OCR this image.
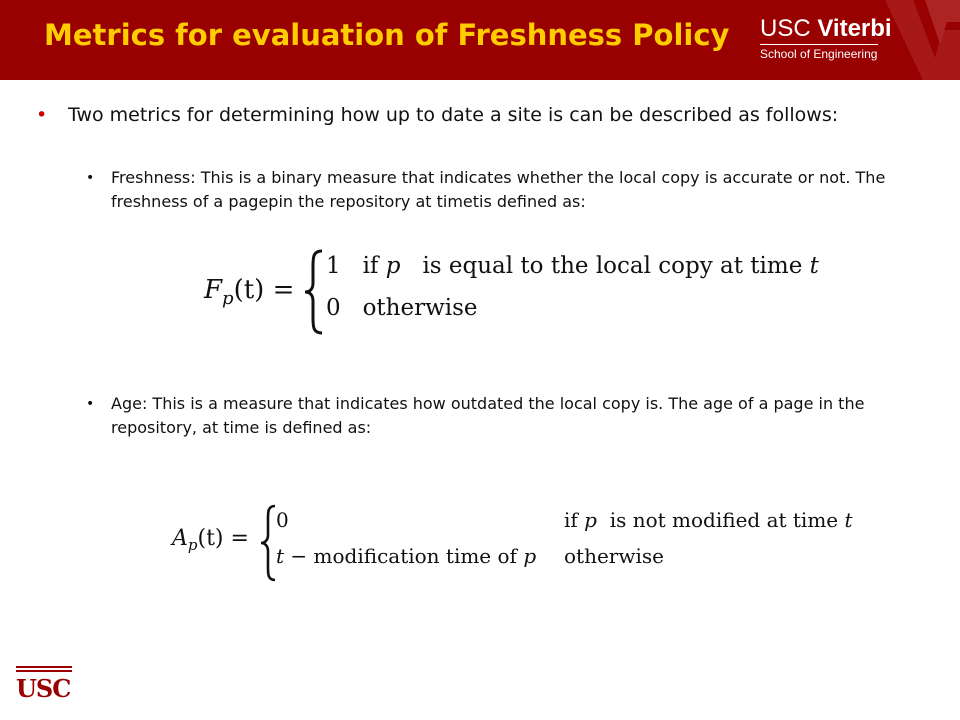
Metrics for evaluation of Freshness Policy USC Viterbi
School of Engineering
•	Two metrics for determining how up to date a site is can be described as follows:
•	Freshness: This is a binary measure that indicates whether the local copy is accurate or not. The freshness of a pagepin the repository at timetis defined as:
$F_p(t)$ =
1 if p is equal to the local copy at time t
0 otherwise
•	Age: This is a measure that indicates how outdated the local copy is. The age of a page in the repository, at time is defined as:
$A_p(t)$ =
0	if p is not modified at time t
t − modification time of p otherwise
USC
